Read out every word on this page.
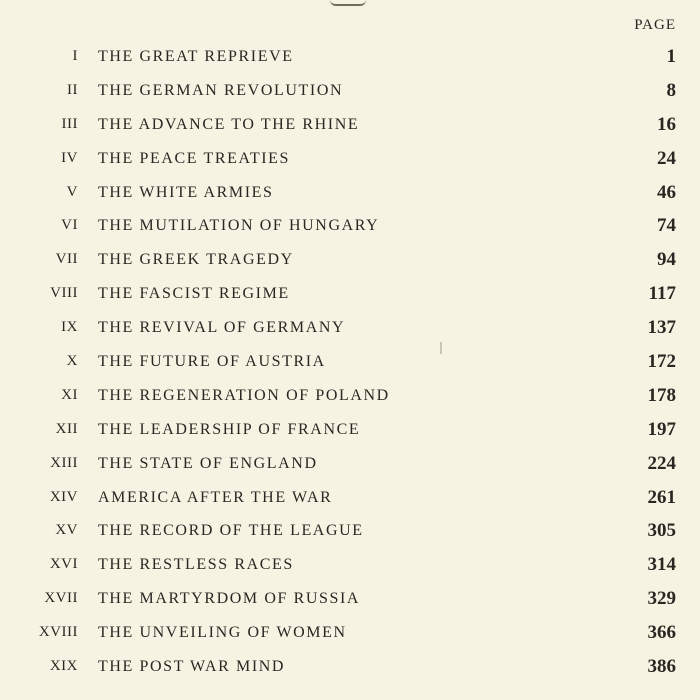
PAGE
I THE GREAT REPRIEVE	1
II THE GERMAN REVOLUTION	8
III THE ADVANCE TO THE RHINE	16
IV THE PEACE TREATIES	24
V THE WHITE ARMIES	46
VI THE MUTILATION OF HUNGARY	74
VII THE GREEK TRAGEDY	94
VIII THE FASCIST REGIME	117
IX THE REVIVAL OF GERMANY	137
X THE FUTURE OF AUSTRIA	172
XI THE REGENERATION OF POLAND	178
XII THE LEADERSHIP OF FRANCE	197
XIII THE STATE OF ENGLAND	224
XIV AMERICA AFTER THE WAR	261
XV THE RECORD OF THE LEAGUE	305
XVI THE RESTLESS RACES	314
XVII THE MARTYRDOM OF RUSSIA	329
XVIII THE UNVEILING OF WOMEN	366
XIX THE POST WAR MIND	386
